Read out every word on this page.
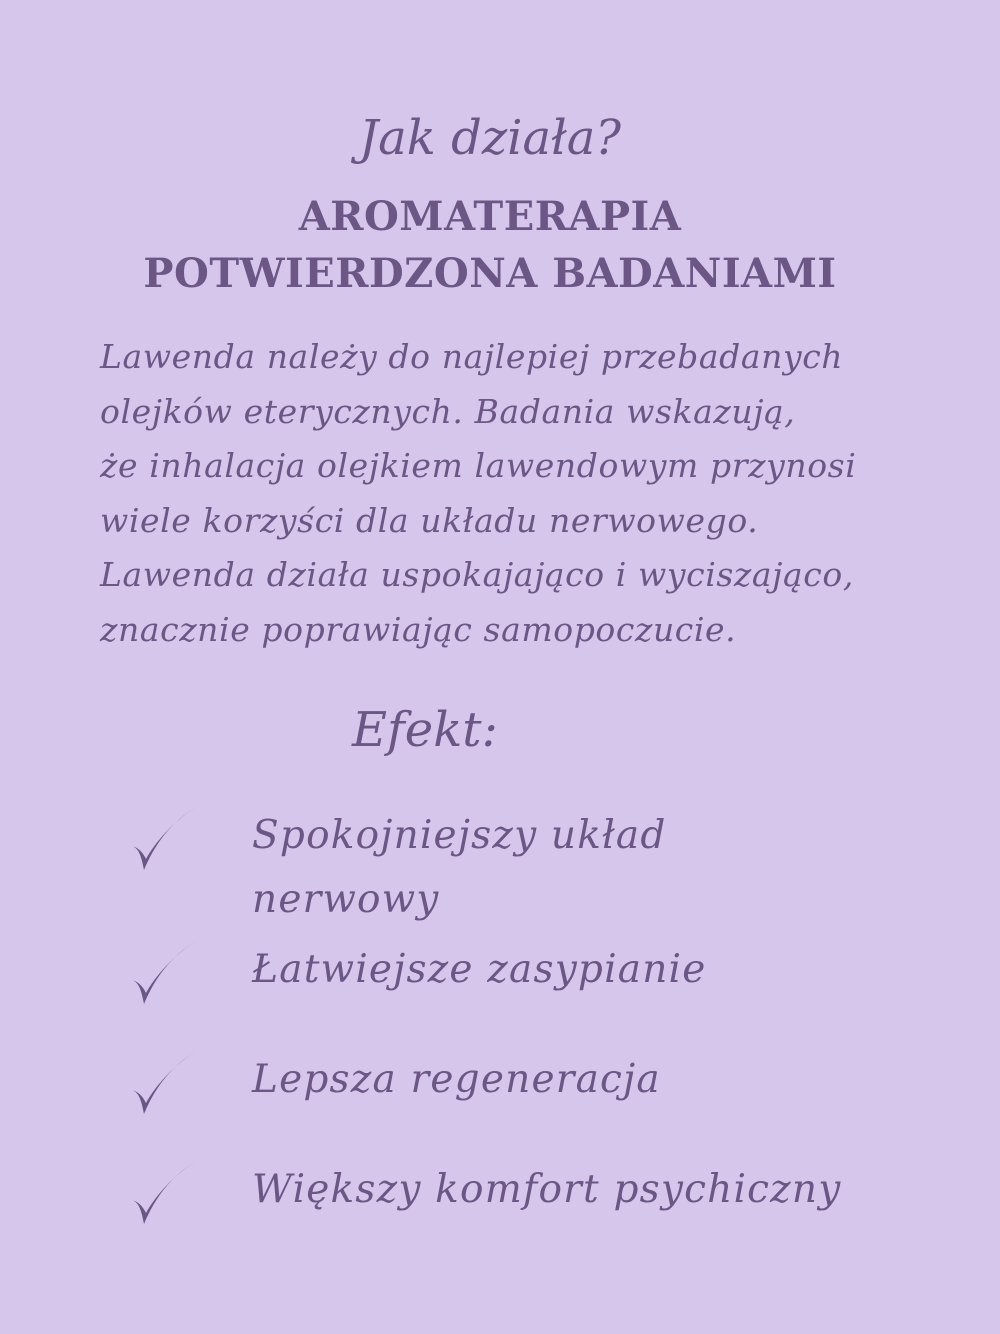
Jak działa?
AROMATERAPIA
POTWIERDZONA BADANIAMI

Lawenda należy do najlepiej przebadanych
olejków eterycznych. Badania wskazują,
że inhalacja olejkiem lawendowym przynosi
wiele korzyści dla układu nerwowego.
Lawenda działa uspokajająco i wyciszająco,
znacznie poprawiając samopoczucie.

Efekt:
Spokojniejszy układ
nerwowy
Łatwiejsze zasypianie
Lepsza regeneracja
Większy komfort psychiczny
